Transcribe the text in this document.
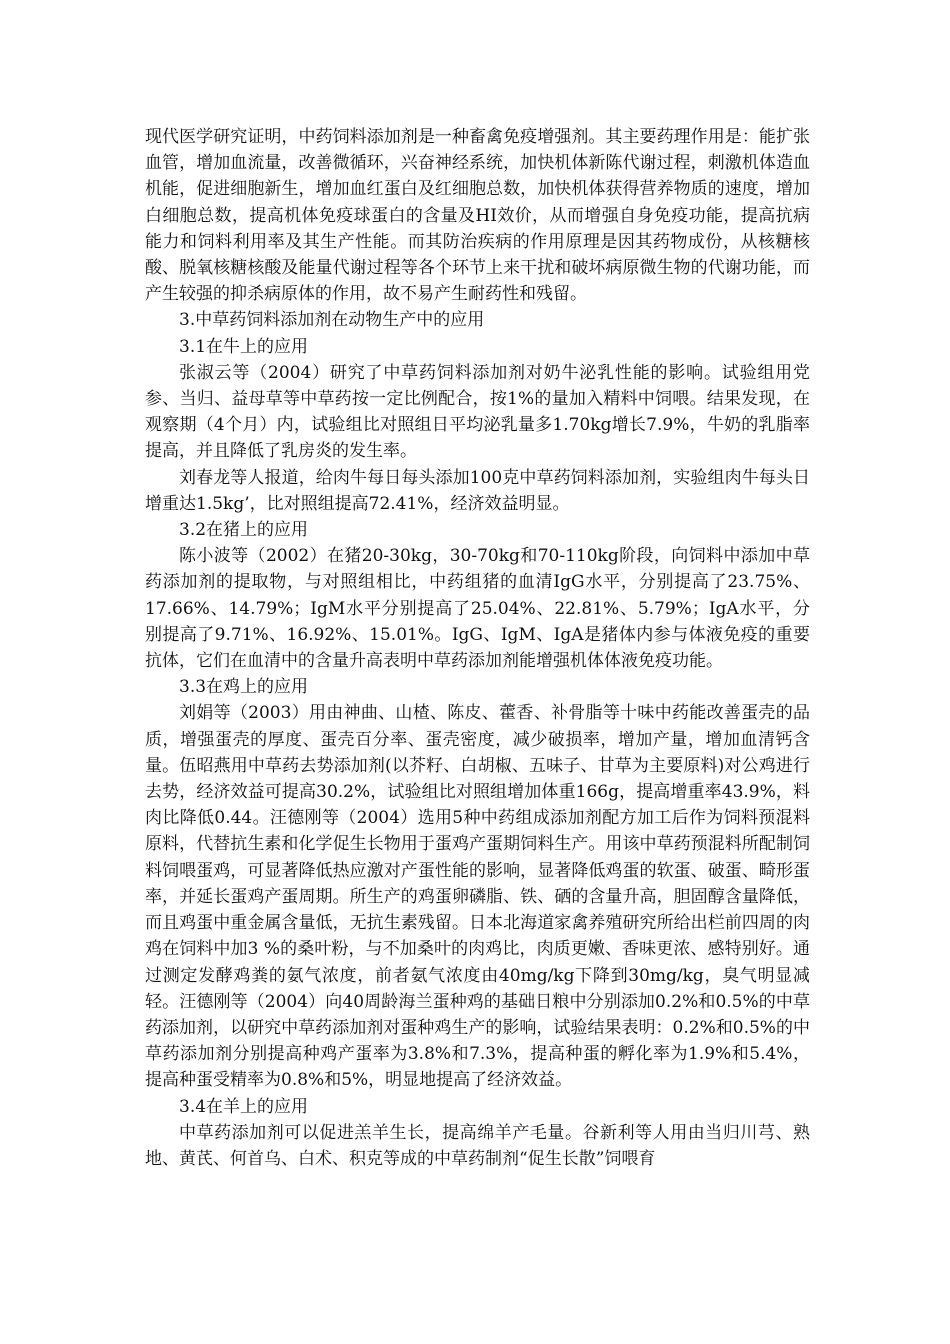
现代医学研究证明，中药饲料添加剂是一种畜禽免疫增强剂。其主要药理作用是：能扩张血管，增加血流量，改善微循环，兴奋神经系统，加快机体新陈代谢过程，刺激机体造血机能，促进细胞新生，增加血红蛋白及红细胞总数，加快机体获得营养物质的速度，增加白细胞总数，提高机体免疫球蛋白的含量及HI效价，从而增强自身免疫功能，提高抗病能力和饲料利用率及其生产性能。而其防治疾病的作用原理是因其药物成份，从核糖核酸、脱氧核糖核酸及能量代谢过程等各个环节上来干扰和破坏病原微生物的代谢功能，而产生较强的抑杀病原体的作用，故不易产生耐药性和残留。

3.中草药饲料添加剂在动物生产中的应用

3.1在牛上的应用

张淑云等（2004）研究了中草药饲料添加剂对奶牛泌乳性能的影响。试验组用党参、当归、益母草等中草药按一定比例配合，按1%的量加入精料中饲喂。结果发现，在观察期（4个月）内，试验组比对照组日平均泌乳量多1.70kg增长7.9%，牛奶的乳脂率提高，并且降低了乳房炎的发生率。

刘春龙等人报道，给肉牛每日每头添加100克中草药饲料添加剂，实验组肉牛每头日增重达1.5kg’，比对照组提高72.41%，经济效益明显。

3.2在猪上的应用

陈小波等（2002）在猪20-30kg，30-70kg和70-110kg阶段，向饲料中添加中草药添加剂的提取物，与对照组相比，中药组猪的血清IgG水平，分别提高了23.75%、17.66%、14.79%；IgM水平分别提高了25.04%、22.81%、5.79%；IgA水平，分别提高了9.71%、16.92%、15.01%。IgG、IgM、IgA是猪体内参与体液免疫的重要抗体，它们在血清中的含量升高表明中草药添加剂能增强机体体液免疫功能。

3.3在鸡上的应用

刘娟等（2003）用由神曲、山楂、陈皮、藿香、补骨脂等十味中药能改善蛋壳的品质，增强蛋壳的厚度、蛋壳百分率、蛋壳密度，减少破损率，增加产量，增加血清钙含量。伍昭燕用中草药去势添加剂(以芥籽、白胡椒、五味子、甘草为主要原料)对公鸡进行去势，经济效益可提高30.2%，试验组比对照组增加体重166g，提高增重率43.9%，料肉比降低0.44。汪德刚等（2004）选用5种中药组成添加剂配方加工后作为饲料预混料原料，代替抗生素和化学促生长物用于蛋鸡产蛋期饲料生产。用该中草药预混料所配制饲料饲喂蛋鸡，可显著降低热应激对产蛋性能的影响，显著降低鸡蛋的软蛋、破蛋、畸形蛋率，并延长蛋鸡产蛋周期。所生产的鸡蛋卵磷脂、铁、硒的含量升高，胆固醇含量降低，而且鸡蛋中重金属含量低，无抗生素残留。日本北海道家禽养殖研究所给出栏前四周的肉鸡在饲料中加3 %的桑叶粉，与不加桑叶的肉鸡比，肉质更嫩、香味更浓、感特别好。通过测定发酵鸡粪的氨气浓度，前者氨气浓度由40mg/kg下降到30mg/kg，臭气明显减轻。汪德刚等（2004）向40周龄海兰蛋种鸡的基础日粮中分别添加0.2%和0.5%的中草药添加剂，以研究中草药添加剂对蛋种鸡生产的影响，试验结果表明：0.2%和0.5%的中草药添加剂分别提高种鸡产蛋率为3.8%和7.3%，提高种蛋的孵化率为1.9%和5.4%，提高种蛋受精率为0.8%和5%，明显地提高了经济效益。

3.4在羊上的应用

中草药添加剂可以促进羔羊生长，提高绵羊产毛量。谷新利等人用由当归川芎、熟地、黄芪、何首乌、白术、积克等成的中草药制剂“促生长散”饲喂育
